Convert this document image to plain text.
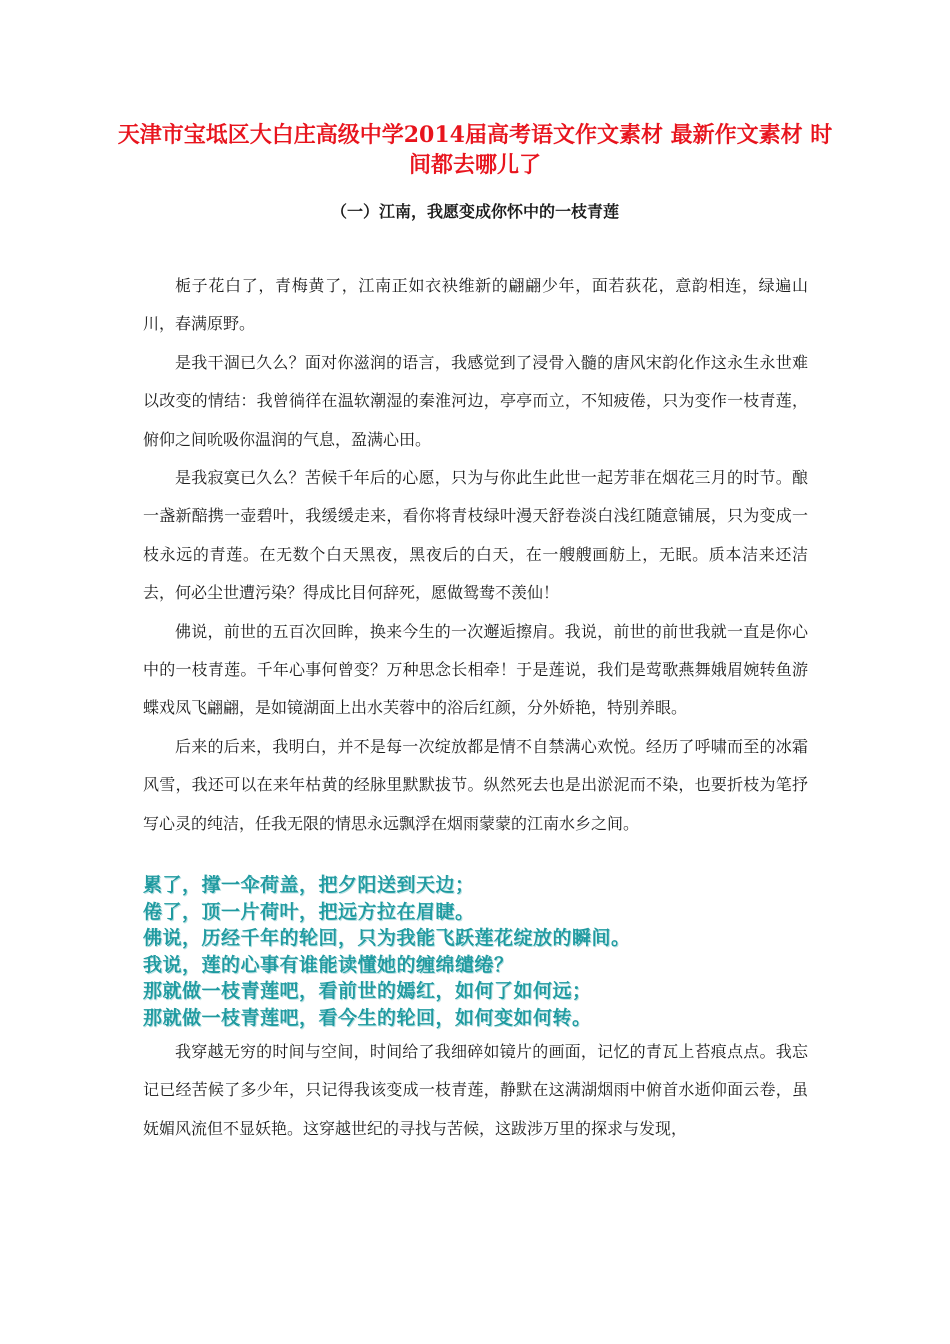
天津市宝坻区大白庄高级中学2014届高考语文作文素材 最新作文素材 时间都去哪儿了
（一）江南，我愿变成你怀中的一枝青莲

栀子花白了，青梅黄了，江南正如衣袂维新的翩翩少年，面若荻花，意韵相连，绿遍山川，春满原野。

是我干涸已久么？面对你滋润的语言，我感觉到了浸骨入髓的唐风宋韵化作这永生永世难以改变的情结：我曾徜徉在温软潮湿的秦淮河边，亭亭而立，不知疲倦，只为变作一枝青莲，俯仰之间吮吸你温润的气息，盈满心田。

是我寂寞已久么？苦候千年后的心愿，只为与你此生此世一起芳菲在烟花三月的时节。酿一盏新醅携一壶碧叶，我缓缓走来，看你将青枝绿叶漫天舒卷淡白浅红随意铺展，只为变成一枝永远的青莲。在无数个白天黑夜，黑夜后的白天，在一艘艘画舫上，无眠。质本洁来还洁去，何必尘世遭污染？得成比目何辞死，愿做鸳鸯不羡仙！

佛说，前世的五百次回眸，换来今生的一次邂逅擦肩。我说，前世的前世我就一直是你心中的一枝青莲。千年心事何曾变？万种思念长相牵！于是莲说，我们是莺歌燕舞娥眉婉转鱼游蝶戏凤飞翩翩，是如镜湖面上出水芙蓉中的浴后红颜，分外娇艳，特别养眼。

后来的后来，我明白，并不是每一次绽放都是情不自禁满心欢悦。经历了呼啸而至的冰霜风雪，我还可以在来年枯黄的经脉里默默拔节。纵然死去也是出淤泥而不染，也要折枝为笔抒写心灵的纯洁，任我无限的情思永远飘浮在烟雨蒙蒙的江南水乡之间。

累了，撑一伞荷盖，把夕阳送到天边；
倦了，顶一片荷叶，把远方拉在眉睫。
佛说，历经千年的轮回，只为我能飞跃莲花绽放的瞬间。
我说，莲的心事有谁能读懂她的缠绵缱绻？
那就做一枝青莲吧，看前世的嫣红，如何了如何远；
那就做一枝青莲吧，看今生的轮回，如何变如何转。

我穿越无穷的时间与空间，时间给了我细碎如镜片的画面，记忆的青瓦上苔痕点点。我忘记已经苦候了多少年，只记得我该变成一枝青莲，静默在这满湖烟雨中俯首水逝仰面云卷，虽妩媚风流但不显妖艳。这穿越世纪的寻找与苦候，这跋涉万里的探求与发现，
